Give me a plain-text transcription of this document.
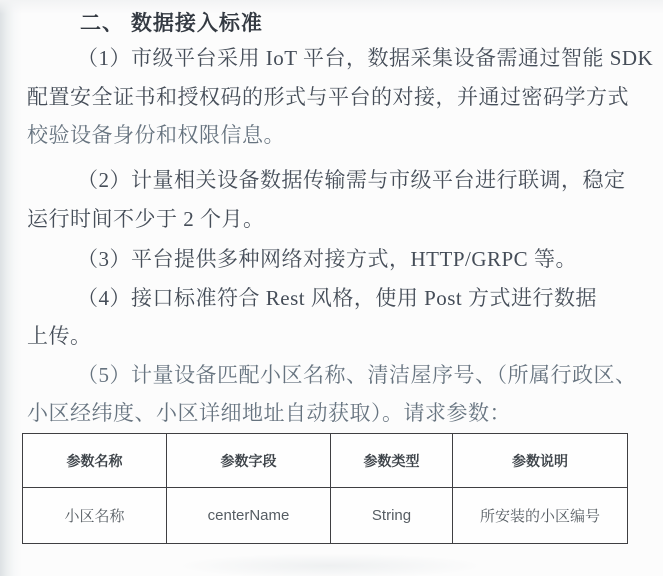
二、 数据接入标准
（1）市级平台采用 IoT 平台，数据采集设备需通过智能 SDK
配置安全证书和授权码的形式与平台的对接，并通过密码学方式
校验设备身份和权限信息。
（2）计量相关设备数据传输需与市级平台进行联调，稳定
运行时间不少于 2 个月。
（3）平台提供多种网络对接方式，HTTP/GRPC 等。
（4）接口标准符合 Rest 风格，使用 Post 方式进行数据
上传。
（5）计量设备匹配小区名称、清洁屋序号、（所属行政区、
小区经纬度、小区详细地址自动获取）。请求参数：
参数名称	参数字段	参数类型	参数说明
小区名称	centerName	String	所安装的小区编号
